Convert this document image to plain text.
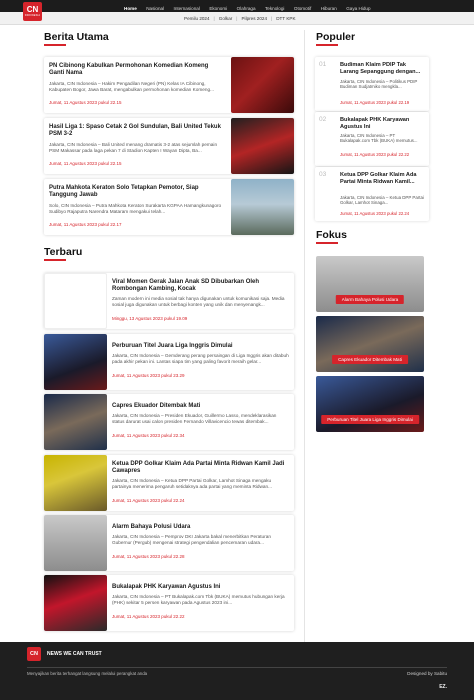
CN
INDONESIA
Home Nasional Internasional Ekonomi Olahraga Teknologi Otomotif Hiburan Gaya Hidup
Pemilu 2024 | Golkar | Pilpres 2024 | DTT KPK
Berita Utama
PN Cibinong Kabulkan Permohonan Komedian Komeng Ganti Nama
Jakarta, CIN Indonesia – Hakim Pengadilan Negeri (PN) Kelas IA Cibinong, Kabupaten Bogor, Jawa Barat, mengabulkan permohonan komedian Komeng...
Jumat, 11 Agustus 2023 pukul 22.15
Hasil Liga 1: Spaso Cetak 2 Gol Sundulan, Bali United Tekuk PSM 3-2
Jakarta, CIN Indonesia – Bali United menang dramatis 3-2 atas sejumlah pemain PSM Makassar pada laga pekan 7 di Stadion Kapten I Wayan Dipta, Ba...
Jumat, 11 Agustus 2023 pukul 22.15
Putra Mahkota Keraton Solo Tetapkan Pemotor, Siap Tanggung Jawab
Solo, CIN Indonesia – Putra Mahkota Keraton Surakarta KGPAA Hamangkunagoro Sudibyo Rajaputra Narendra Mataram mengakui telah...
Jumat, 11 Agustus 2023 pukul 22.17
Terbaru
Viral Momen Gerak Jalan Anak SD Dibubarkan Oleh Rombongan Kambing, Kocak
Zaman modern ini media sosial tak hanya digunakan untuk komunikasi saja. Media sosial juga digunakan untuk berbagi konten yang unik dan menyenangk...
Minggu, 13 Agustus 2023 pukul 19.09
Perburuan Titel Juara Liga Inggris Dimulai
Jakarta, CIN Indonesia – Gemderang perang persaingan di Liga Inggris akan ditabuh pada akhir pekan ini. Lantas siapa tim yang paling favorit meraih gelar...
Jumat, 11 Agustus 2023 pukul 23.29
Capres Ekuador Ditembak Mati
Jakarta, CIN Indonesia – Presiden Ekuador, Guillermo Lasso, mendeklarasikan status darurat usai calon presiden Fernando Villavicencio tewas ditembak...
Jumat, 11 Agustus 2023 pukul 22.34
Ketua DPP Golkar Klaim Ada Partai Minta Ridwan Kamil Jadi Cawapres
Jakarta, CIN Indonesia – Ketua DPP Partai Golkar, Lamhot Sinaga mengaku partainya menerima pengaruh setidaknya ada partai yang meminta Ridwan...
Jumat, 11 Agustus 2023 pukul 22.24
Alarm Bahaya Polusi Udara
Jakarta, CIN Indonesia – Pemprov DKI Jakarta bakal menerbitkan Peraturan Gubernur (Pergub) mengenai strategi pengendalian pencemaran udara...
Jumat, 11 Agustus 2023 pukul 22.28
Bukalapak PHK Karyawan Agustus Ini
Jakarta, CIN Indonesia – PT Bukalapak.com Tbk (BUKA) memutus hubungan kerja (PHK) sekitar 5 persen karyawan pada Agustus 2023 ini...
Jumat, 11 Agustus 2023 pukul 22.22
Populer
01 Budiman Klaim PDIP Tak Larang Sepanggung dengan...
Jakarta, CIN Indonesia – Politikus PDIP Budiman Sudjatmiko mengkla...
Jumat, 11 Agustus 2023 pukul 22.19
02 Bukalapak PHK Karyawan Agustus Ini
Jakarta, CIN Indonesia – PT Bukalapak.com Tbk (BUKA) memutus...
Jumat, 11 Agustus 2023 pukul 22.22
03 Ketua DPP Golkar Klaim Ada Partai Minta Ridwan Kamil...
Jakarta, CIN Indonesia – Ketua DPP Partai Golkar, Lamhot Sinaga...
Jumat, 11 Agustus 2023 pukul 22.24
Fokus
Alarm Bahaya Polusi Udara
Capres Ekuador Ditembak Mati
Perburuan Titel Juara Liga Inggris Dimulai
CN	NEWS WE CAN TRUST
Menyajikan berita terhangat langsung melalui perangkat anda	Designed by Sabitu
EZ.
